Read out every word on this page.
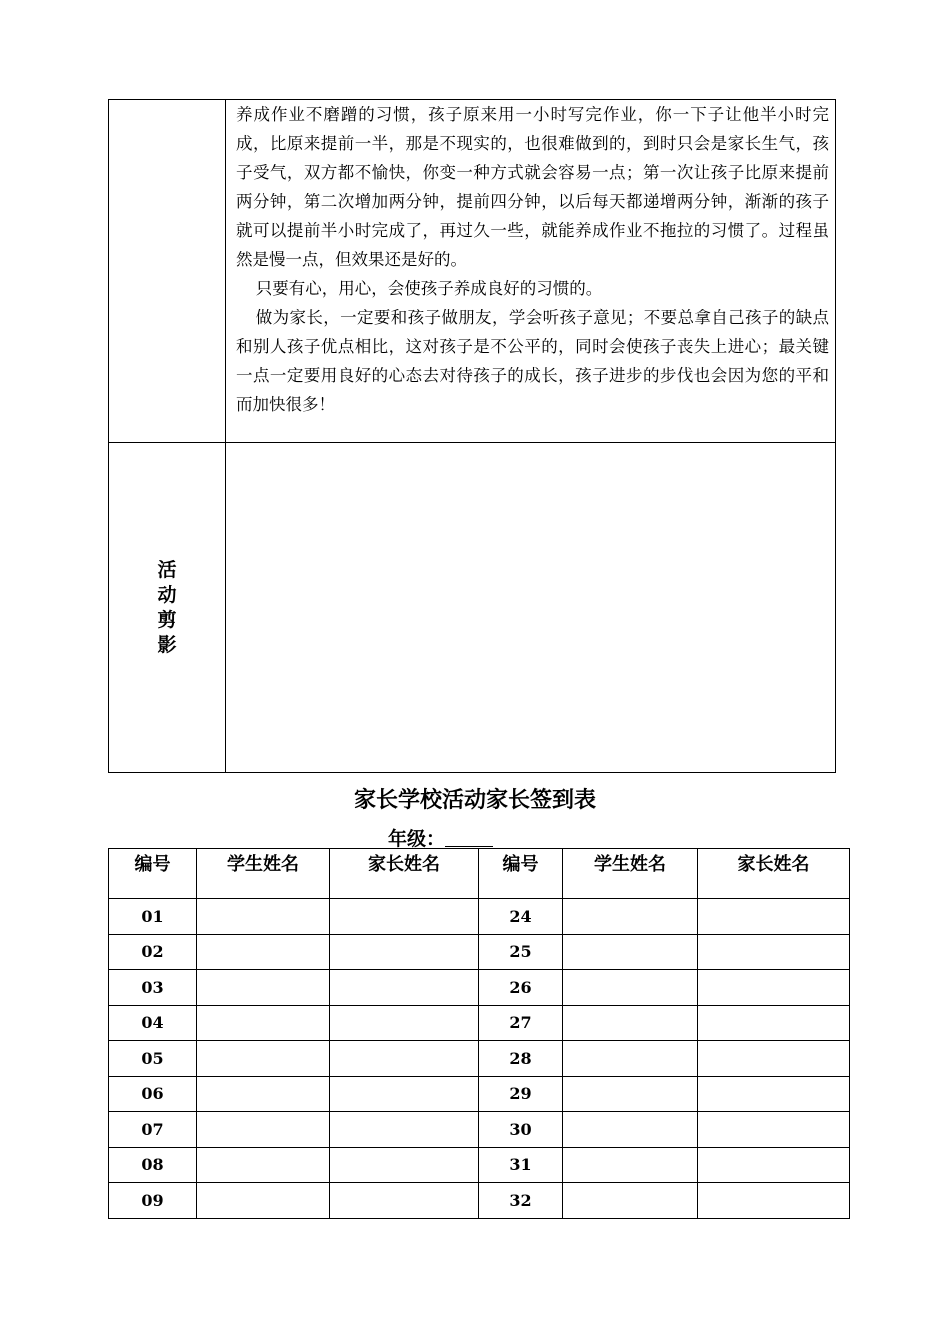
	养成作业不磨蹭的习惯，孩子原来用一小时写完作业，你一下子让他半小时完成，比原来提前一半，那是不现实的，也很难做到的，到时只会是家长生气，孩子受气，双方都不愉快，你变一种方式就会容易一点；第一次让孩子比原来提前两分钟，第二次增加两分钟，提前四分钟，以后每天都递增两分钟，渐渐的孩子就可以提前半小时完成了，再过久一些，就能养成作业不拖拉的习惯了。过程虽然是慢一点，但效果还是好的。

只要有心，用心，会使孩子养成良好的习惯的。

做为家长，一定要和孩子做朋友，学会听孩子意见；不要总拿自己孩子的缺点和别人孩子优点相比，这对孩子是不公平的，同时会使孩子丧失上进心；最关键一点一定要用良好的心态去对待孩子的成长，孩子进步的步伐也会因为您的平和而加快很多！

活动剪影	
家长学校活动家长签到表
年级：
编号	学生姓名	家长姓名	编号	学生姓名	家长姓名
01			24		
02			25		
03			26		
04			27		
05			28		
06			29		
07			30		
08			31		
09			32		
